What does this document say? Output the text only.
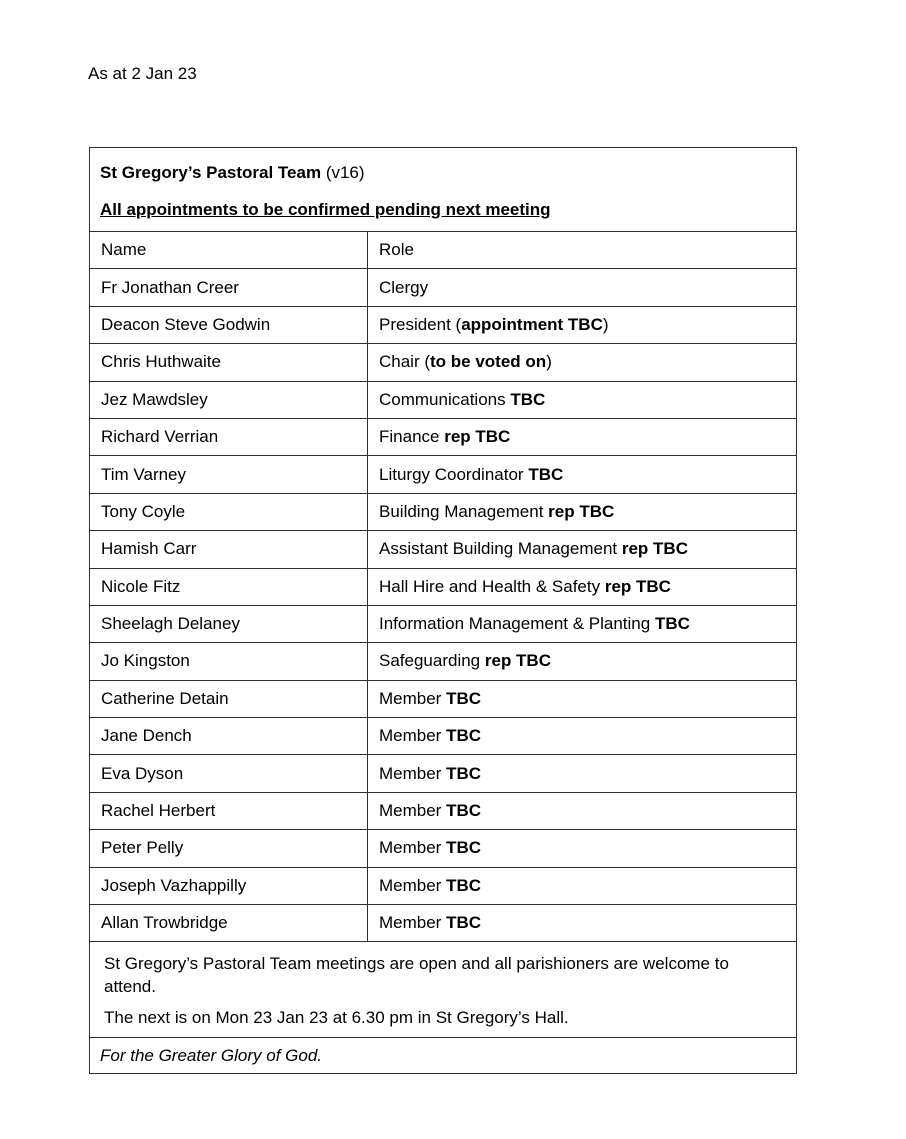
As at 2 Jan 23
St Gregory’s Pastoral Team (v16)
All appointments to be confirmed pending next meeting	

Name	Role
Fr Jonathan Creer	Clergy
Deacon Steve Godwin	President (appointment TBC)
Chris Huthwaite	Chair (to be voted on)
Jez Mawdsley	Communications TBC
Richard Verrian	Finance rep TBC
Tim Varney	Liturgy Coordinator TBC
Tony Coyle	Building Management rep TBC
Hamish Carr	Assistant Building Management rep TBC
Nicole Fitz	Hall Hire and Health & Safety rep TBC
Sheelagh Delaney	Information Management & Planting TBC
Jo Kingston	Safeguarding rep TBC
Catherine Detain	Member TBC
Jane Dench	Member TBC
Eva Dyson	Member TBC
Rachel Herbert	Member TBC
Peter Pelly	Member TBC
Joseph Vazhappilly	Member TBC
Allan Trowbridge	Member TBC

St Gregory’s Pastoral Team meetings are open and all parishioners are welcome to attend.
The next is on Mon 23 Jan 23 at 6.30 pm in St Gregory’s Hall.	

For the Greater Glory of God.	
